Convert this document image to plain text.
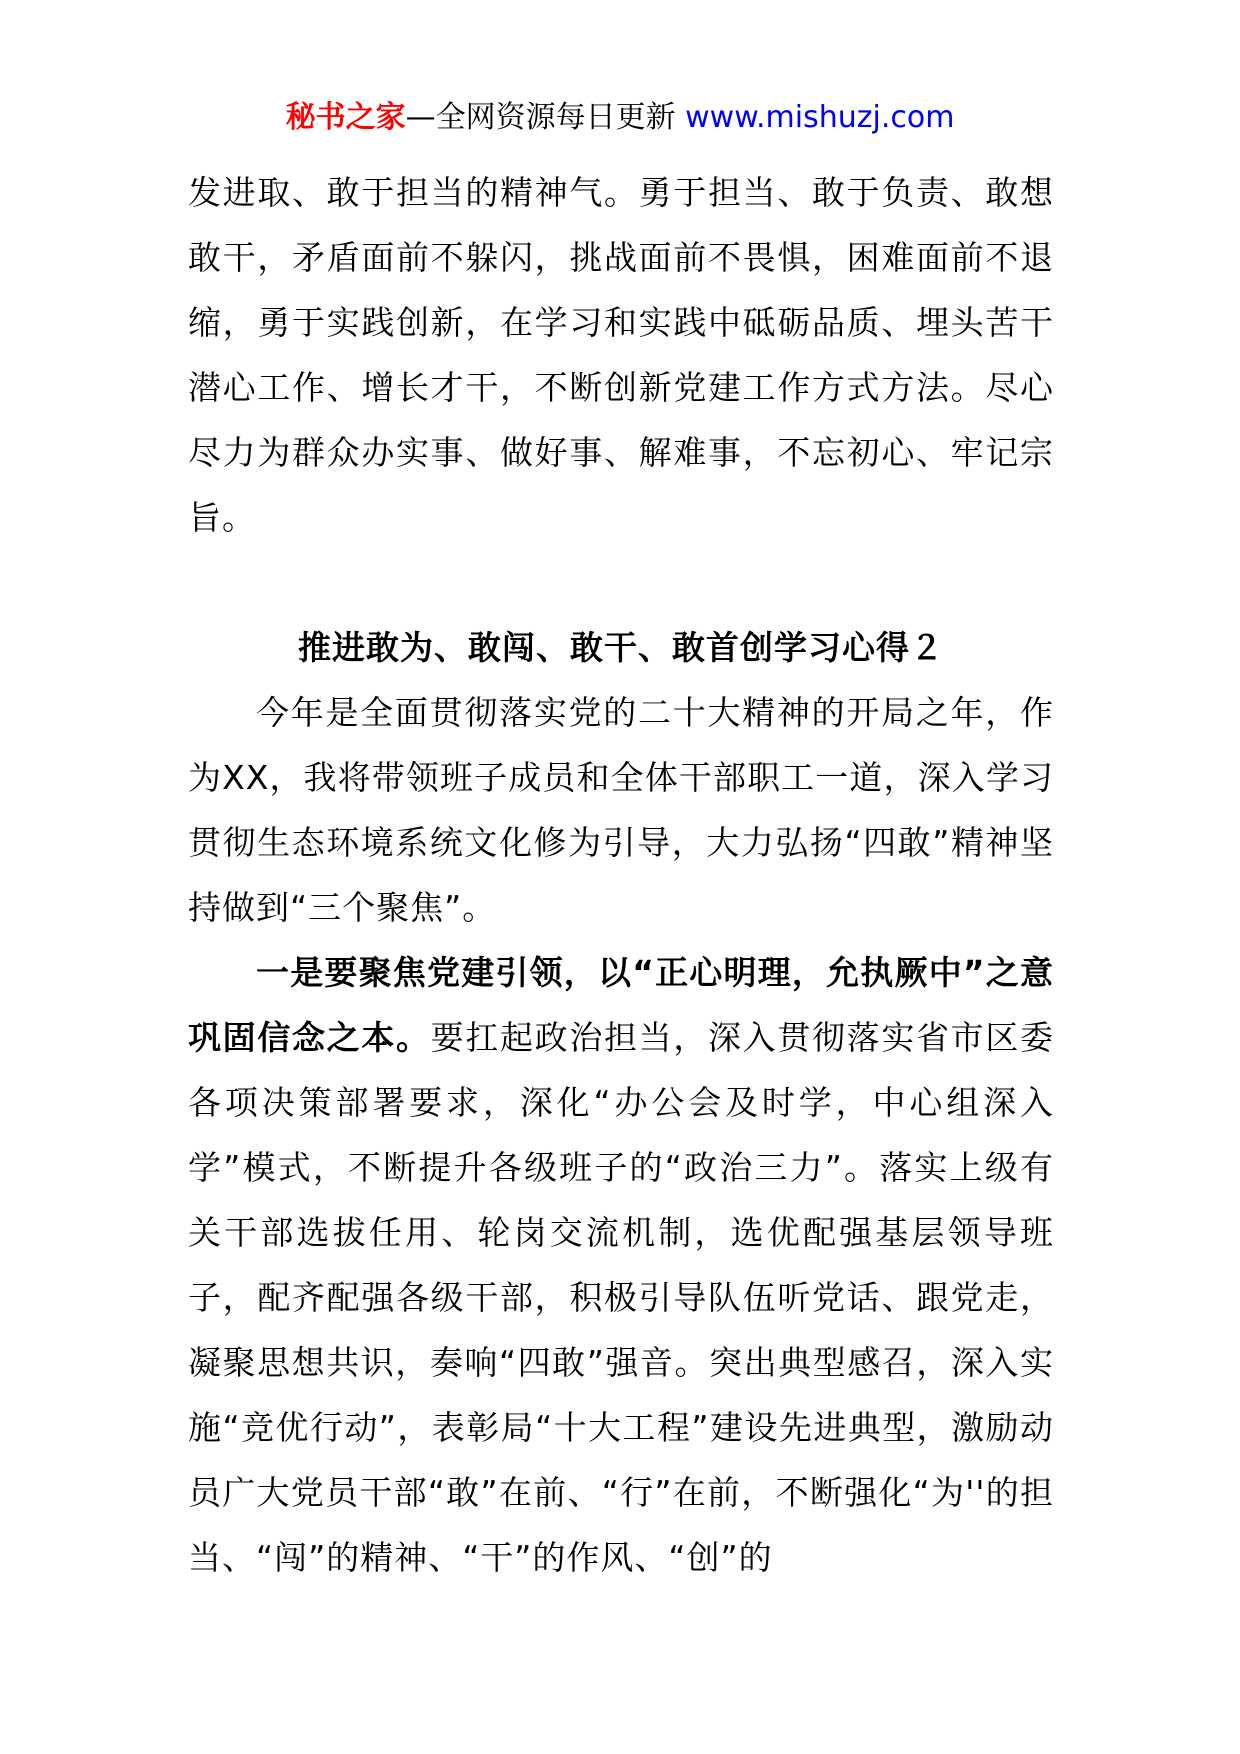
秘书之家—全网资源每日更新 www.mishuzj.com

发进取、敢于担当的精神气。勇于担当、敢于负责、敢想敢干，矛盾面前不躲闪，挑战面前不畏惧，困难面前不退缩，勇于实践创新，在学习和实践中砥砺品质、埋头苦干潜心工作、增长才干，不断创新党建工作方式方法。尽心尽力为群众办实事、做好事、解难事，不忘初心、牢记宗旨。

推进敢为、敢闯、敢干、敢首创学习心得２

今年是全面贯彻落实党的二十大精神的开局之年，作为XX，我将带领班子成员和全体干部职工一道，深入学习贯彻生态环境系统文化修为引导，大力弘扬“四敢”精神坚持做到“三个聚焦”。

一是要聚焦党建引领，以“正心明理，允执厥中”之意巩固信念之本。要扛起政治担当，深入贯彻落实省市区委各项决策部署要求，深化“办公会及时学，中心组深入学”模式，不断提升各级班子的“政治三力”。落实上级有关干部选拔任用、轮岗交流机制，选优配强基层领导班子，配齐配强各级干部，积极引导队伍听党话、跟党走，凝聚思想共识，奏响“四敢”强音。突出典型感召，深入实施“竞优行动”，表彰局“十大工程”建设先进典型，激励动员广大党员干部“敢”在前、“行”在前，不断强化“为''的担当、“闯”的精神、“干”的作风、“创”的
